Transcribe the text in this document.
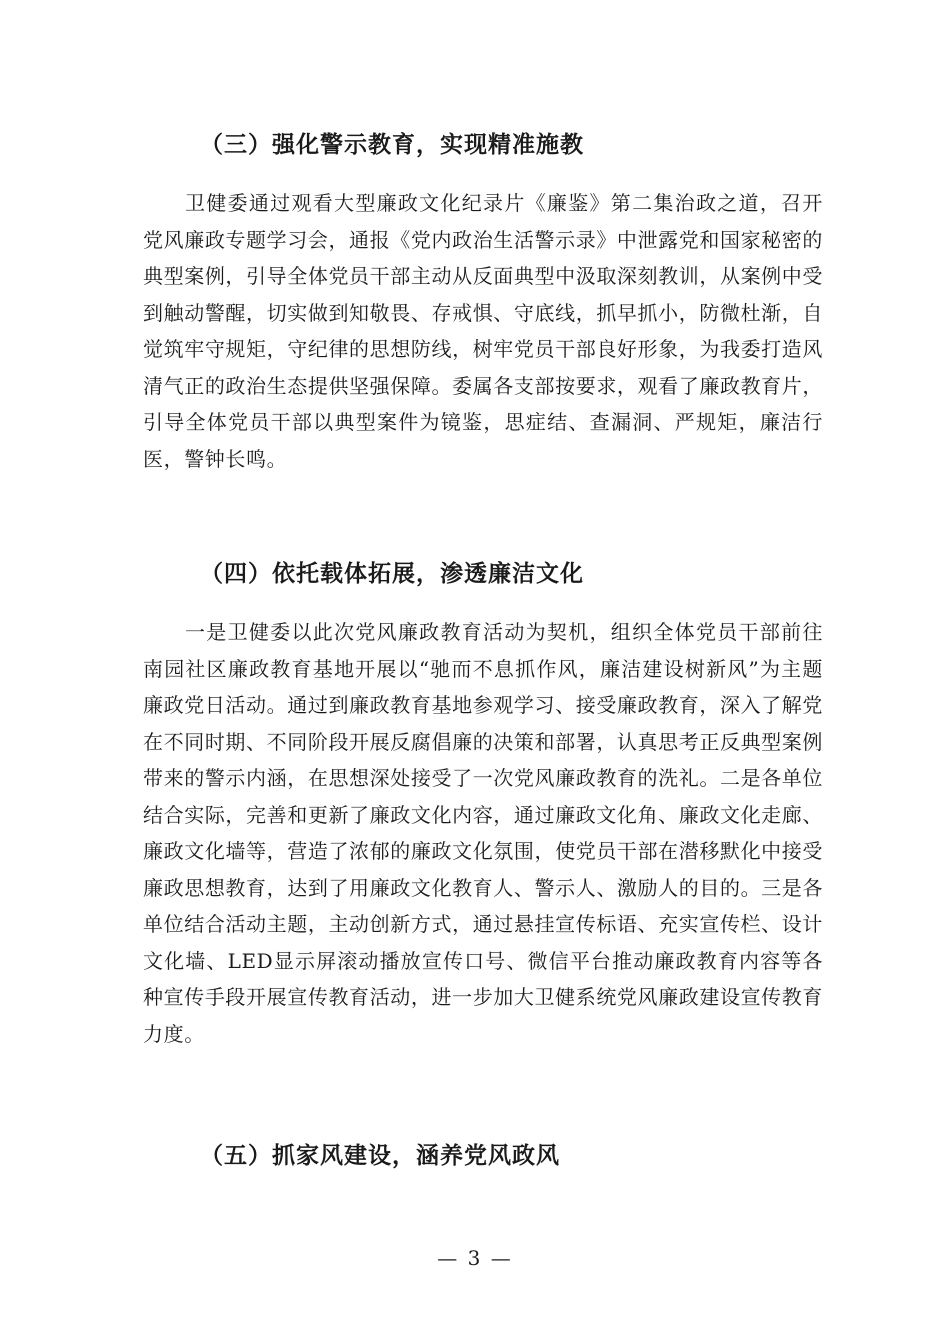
（三）强化警示教育，实现精准施教

卫健委通过观看大型廉政文化纪录片《廉鉴》第二集治政之道，召开党风廉政专题学习会，通报《党内政治生活警示录》中泄露党和国家秘密的典型案例，引导全体党员干部主动从反面典型中汲取深刻教训，从案例中受到触动警醒，切实做到知敬畏、存戒惧、守底线，抓早抓小，防微杜渐，自觉筑牢守规矩，守纪律的思想防线，树牢党员干部良好形象，为我委打造风清气正的政治生态提供坚强保障。委属各支部按要求，观看了廉政教育片，引导全体党员干部以典型案件为镜鉴，思症结、查漏洞、严规矩，廉洁行医，警钟长鸣。

（四）依托载体拓展，渗透廉洁文化

一是卫健委以此次党风廉政教育活动为契机，组织全体党员干部前往南园社区廉政教育基地开展以“驰而不息抓作风，廉洁建设树新风”为主题廉政党日活动。通过到廉政教育基地参观学习、接受廉政教育，深入了解党在不同时期、不同阶段开展反腐倡廉的决策和部署，认真思考正反典型案例带来的警示内涵，在思想深处接受了一次党风廉政教育的洗礼。二是各单位结合实际，完善和更新了廉政文化内容，通过廉政文化角、廉政文化走廊、廉政文化墙等，营造了浓郁的廉政文化氛围，使党员干部在潜移默化中接受廉政思想教育，达到了用廉政文化教育人、警示人、激励人的目的。三是各单位结合活动主题，主动创新方式，通过悬挂宣传标语、充实宣传栏、设计文化墙、LED显示屏滚动播放宣传口号、微信平台推动廉政教育内容等各种宣传手段开展宣传教育活动，进一步加大卫健系统党风廉政建设宣传教育力度。

（五）抓家风建设，涵养党风政风
— 3 —
